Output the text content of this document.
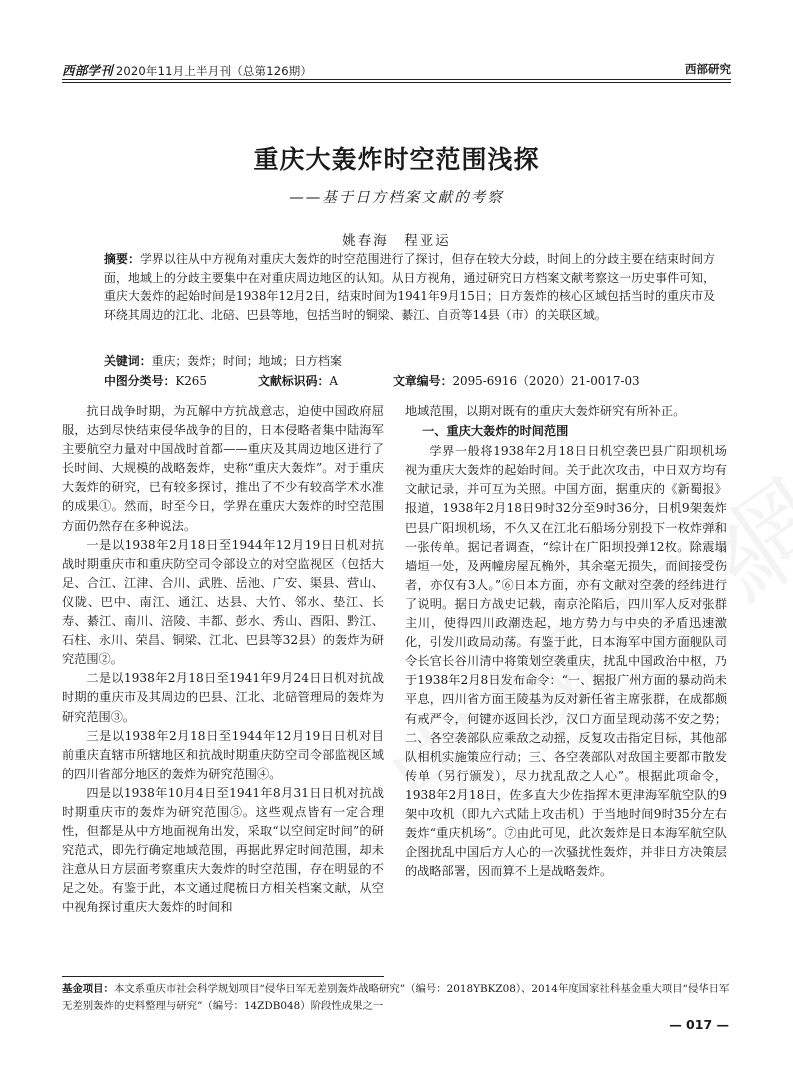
西部学刊 2020年11月上半月刊（总第126期）	西部研究
重庆大轰炸时空范围浅探
——基于日方档案文献的考察
姚春海　程亚运
摘要：学界以往从中方视角对重庆大轰炸的时空范围进行了探讨，但存在较大分歧，时间上的分歧主要在结束时间方面，地域上的分歧主要集中在对重庆周边地区的认知。从日方视角，通过研究日方档案文献考察这一历史事件可知，重庆大轰炸的起始时间是1938年12月2日，结束时间为1941年9月15日；日方轰炸的核心区域包括当时的重庆市及环绕其周边的江北、北碚、巴县等地，包括当时的铜梁、綦江、自贡等14县（市）的关联区域。
关键词：重庆；轰炸；时间；地域；日方档案
中图分类号：K265	文献标识码：A	文章编号：2095-6916（2020）21-0017-03

抗日战争时期，为瓦解中方抗战意志，迫使中国政府屈服，达到尽快结束侵华战争的目的，日本侵略者集中陆海军主要航空力量对中国战时首都——重庆及其周边地区进行了长时间、大规模的战略轰炸，史称“重庆大轰炸”。对于重庆大轰炸的研究，已有较多探讨，推出了不少有较高学术水准的成果①。然而，时至今日，学界在重庆大轰炸的时空范围方面仍然存在多种说法。

一是以1938年2月18日至1944年12月19日日机对抗战时期重庆市和重庆防空司令部设立的对空监视区（包括大足、合江、江津、合川、武胜、岳池、广安、渠县、营山、仪陇、巴中、南江、通江、达县、大竹、邻水、垫江、长寿、綦江、南川、涪陵、丰都、彭水、秀山、酉阳、黔江、石柱、永川、荣昌、铜梁、江北、巴县等32县）的轰炸为研究范围②。

二是以1938年2月18日至1941年9月24日日机对抗战时期的重庆市及其周边的巴县、江北、北碚管理局的轰炸为研究范围③。

三是以1938年2月18日至1944年12月19日日机对目前重庆直辖市所辖地区和抗战时期重庆防空司令部监视区域的四川省部分地区的轰炸为研究范围④。

四是以1938年10月4日至1941年8月31日日机对抗战时期重庆市的轰炸为研究范围⑤。这些观点皆有一定合理性，但都是从中方地面视角出发，采取“以空间定时间”的研究范式，即先行确定地域范围，再据此界定时间范围，却未注意从日方层面考察重庆大轰炸的时空范围，存在明显的不足之处。有鉴于此，本文通过爬梳日方相关档案文献，从空中视角探讨重庆大轰炸的时间和

地域范围，以期对既有的重庆大轰炸研究有所补正。

一、重庆大轰炸的时间范围

学界一般将1938年2月18日日机空袭巴县广阳坝机场视为重庆大轰炸的起始时间。关于此次攻击，中日双方均有文献记录，并可互为关照。中国方面，据重庆的《新蜀报》报道，1938年2月18日9时32分至9时36分，日机9架轰炸巴县广阳坝机场，不久又在江北石船场分别投下一枚炸弹和一张传单。据记者调查，“综计在广阳坝投弹12枚。除震塌墙垣一处，及两幢房屋瓦桷外，其余毫无损失，而间接受伤者，亦仅有3人。”⑥日本方面，亦有文献对空袭的经纬进行了说明。据日方战史记载，南京沦陷后，四川军人反对张群主川，使得四川政潮迭起，地方势力与中央的矛盾迅速激化，引发川政局动荡。有鉴于此，日本海军中国方面舰队司令长官长谷川清中将策划空袭重庆，扰乱中国政治中枢，乃于1938年2月8日发布命令：“一、据报广州方面的暴动尚未平息，四川省方面王陵基为反对新任省主席张群，在成都颇有戒严令，何键亦返回长沙，汉口方面呈现动荡不安之势；二、各空袭部队应乘敌之动摇，反复攻击指定目标，其他部队相机实施策应行动；三、各空袭部队对敌国主要都市散发传单（另行颁发），尽力扰乱敌之人心”。根据此项命令，1938年2月18日，佐多直大少佐指挥木更津海军航空队的9架中攻机（即九六式陆上攻击机）于当地时间9时35分左右轰炸“重庆机场”。⑦由此可见，此次轰炸是日本海军航空队企图扰乱中国后方人心的一次骚扰性轰炸，并非日方决策层的战略部署，因而算不上是战略轰炸。

基金项目：本文系重庆市社会科学规划项目“侵华日军无差别轰炸战略研究”（编号：2018YBKZ08）、2014年度国家社科基金重大项目“侵华日军无差别轰炸的史料整理与研究”（编号：14ZDB048）阶段性成果之一
— 017 —
